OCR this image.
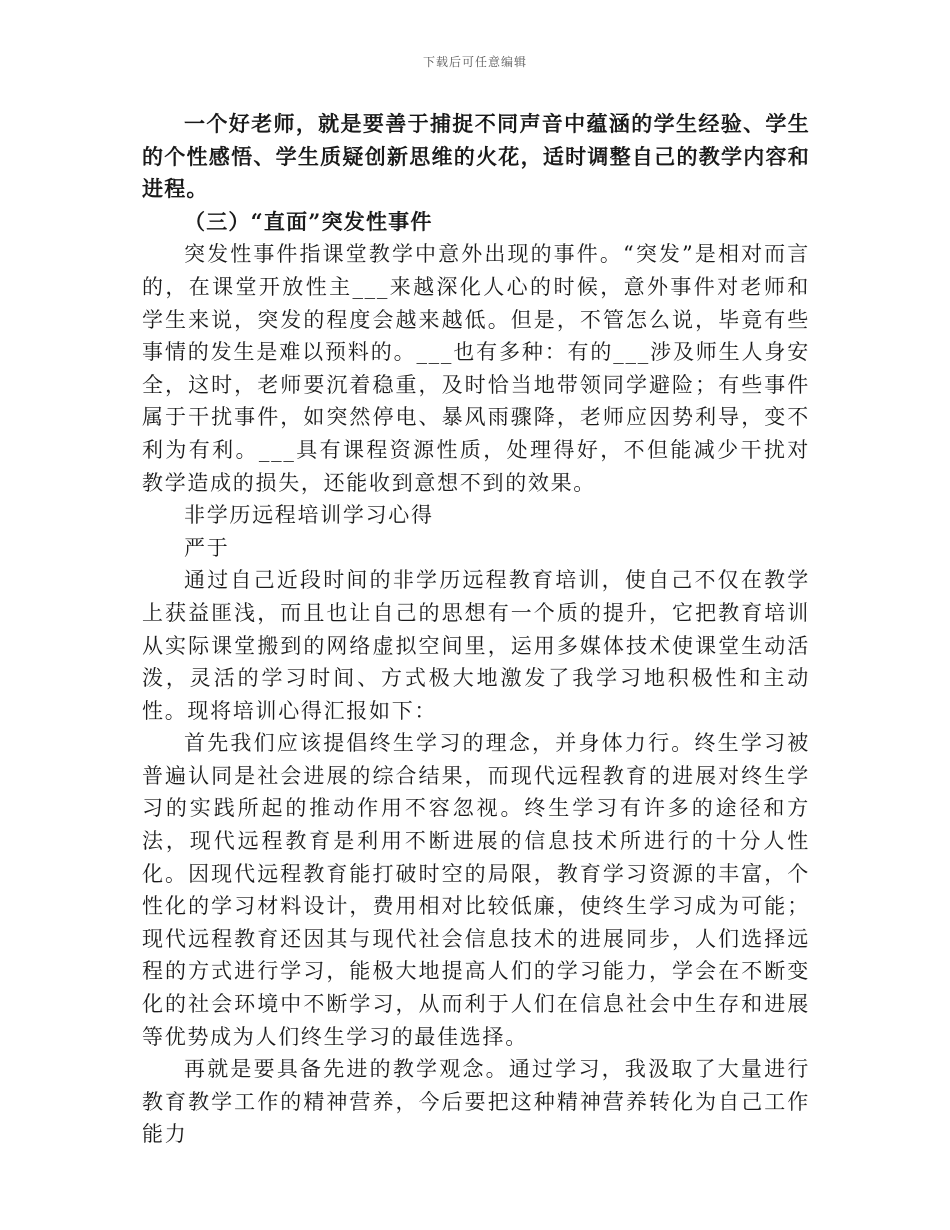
下载后可任意编辑

一个好老师，就是要善于捕捉不同声音中蕴涵的学生经验、学生的个性感悟、学生质疑创新思维的火花，适时调整自己的教学内容和进程。

（三）“直面”突发性事件

突发性事件指课堂教学中意外出现的事件。“突发”是相对而言的，在课堂开放性主___来越深化人心的时候，意外事件对老师和学生来说，突发的程度会越来越低。但是，不管怎么说，毕竟有些事情的发生是难以预料的。___也有多种：有的___涉及师生人身安全，这时，老师要沉着稳重，及时恰当地带领同学避险；有些事件属于干扰事件，如突然停电、暴风雨骤降，老师应因势利导，变不利为有利。___具有课程资源性质，处理得好，不但能减少干扰对教学造成的损失，还能收到意想不到的效果。

非学历远程培训学习心得

严于

通过自己近段时间的非学历远程教育培训，使自己不仅在教学上获益匪浅，而且也让自己的思想有一个质的提升，它把教育培训从实际课堂搬到的网络虚拟空间里，运用多媒体技术使课堂生动活泼，灵活的学习时间、方式极大地激发了我学习地积极性和主动性。现将培训心得汇报如下：

首先我们应该提倡终生学习的理念，并身体力行。终生学习被普遍认同是社会进展的综合结果，而现代远程教育的进展对终生学习的实践所起的推动作用不容忽视。终生学习有许多的途径和方法，现代远程教育是利用不断进展的信息技术所进行的十分人性化。因现代远程教育能打破时空的局限，教育学习资源的丰富，个性化的学习材料设计，费用相对比较低廉，使终生学习成为可能；现代远程教育还因其与现代社会信息技术的进展同步，人们选择远程的方式进行学习，能极大地提高人们的学习能力，学会在不断变化的社会环境中不断学习，从而利于人们在信息社会中生存和进展等优势成为人们终生学习的最佳选择。

再就是要具备先进的教学观念。通过学习，我汲取了大量进行教育教学工作的精神营养，今后要把这种精神营养转化为自己工作能力
